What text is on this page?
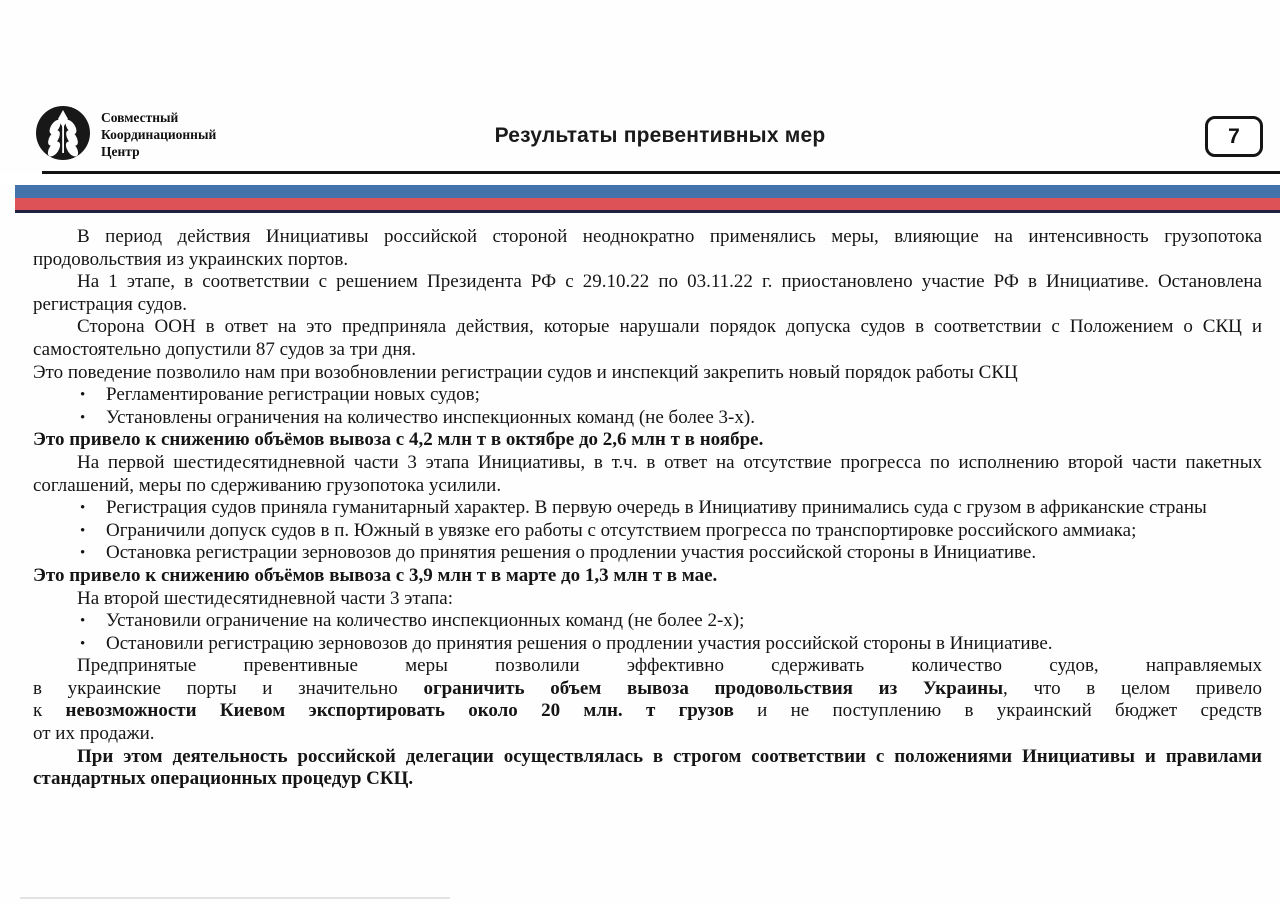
Совместный
Координационный
Центр
Результаты превентивных мер	7

В период действия Инициативы российской стороной неоднократно применялись меры, влияющие на интенсивность грузопотока продовольствия из украинских портов.

На 1 этапе, в соответствии с решением Президента РФ с 29.10.22 по 03.11.22 г. приостановлено участие РФ в Инициативе. Остановлена регистрация судов.

Сторона ООН в ответ на это предприняла действия, которые нарушали порядок допуска судов в соответствии с Положением о СКЦ и самостоятельно допустили 87 судов за три дня.

Это поведение позволило нам при возобновлении регистрации судов и инспекций закрепить новый порядок работы СКЦ

•	Регламентирование регистрации новых судов;
•	Установлены ограничения на количество инспекционных команд (не более 3-х).

Это привело к снижению объёмов вывоза с 4,2 млн т в октябре до 2,6 млн т в ноябре.

На первой шестидесятидневной части 3 этапа Инициативы, в т.ч. в ответ на отсутствие прогресса по исполнению второй части пакетных соглашений, меры по сдерживанию грузопотока усилили.

•	Регистрация судов приняла гуманитарный характер. В первую очередь в Инициативу принимались суда с грузом в африканские страны
•	Ограничили допуск судов в п. Южный в увязке его работы с отсутствием прогресса по транспортировке российского аммиака;
•	Остановка регистрации зерновозов до принятия решения о продлении участия российской стороны в Инициативе.

Это привело к снижению объёмов вывоза с 3,9 млн т в марте до 1,3 млн т в мае.

На второй шестидесятидневной части 3 этапа:

•	Установили ограничение на количество инспекционных команд (не более 2-х);
•	Остановили регистрацию зерновозов до принятия решения о продлении участия российской стороны в Инициативе.
Предпринятые превентивные меры позволили эффективно сдерживать количество судов, направляемых
в украинские порты и значительно ограничить объем вывоза продовольствия из Украины, что в целом привело
к невозможности Киевом экспортировать около 20 млн. т грузов и не поступлению в украинский бюджет средств

от их продажи.

При этом деятельность российской делегации осуществлялась в строгом соответствии с положениями Инициативы и правилами

стандартных операционных процедур СКЦ.
